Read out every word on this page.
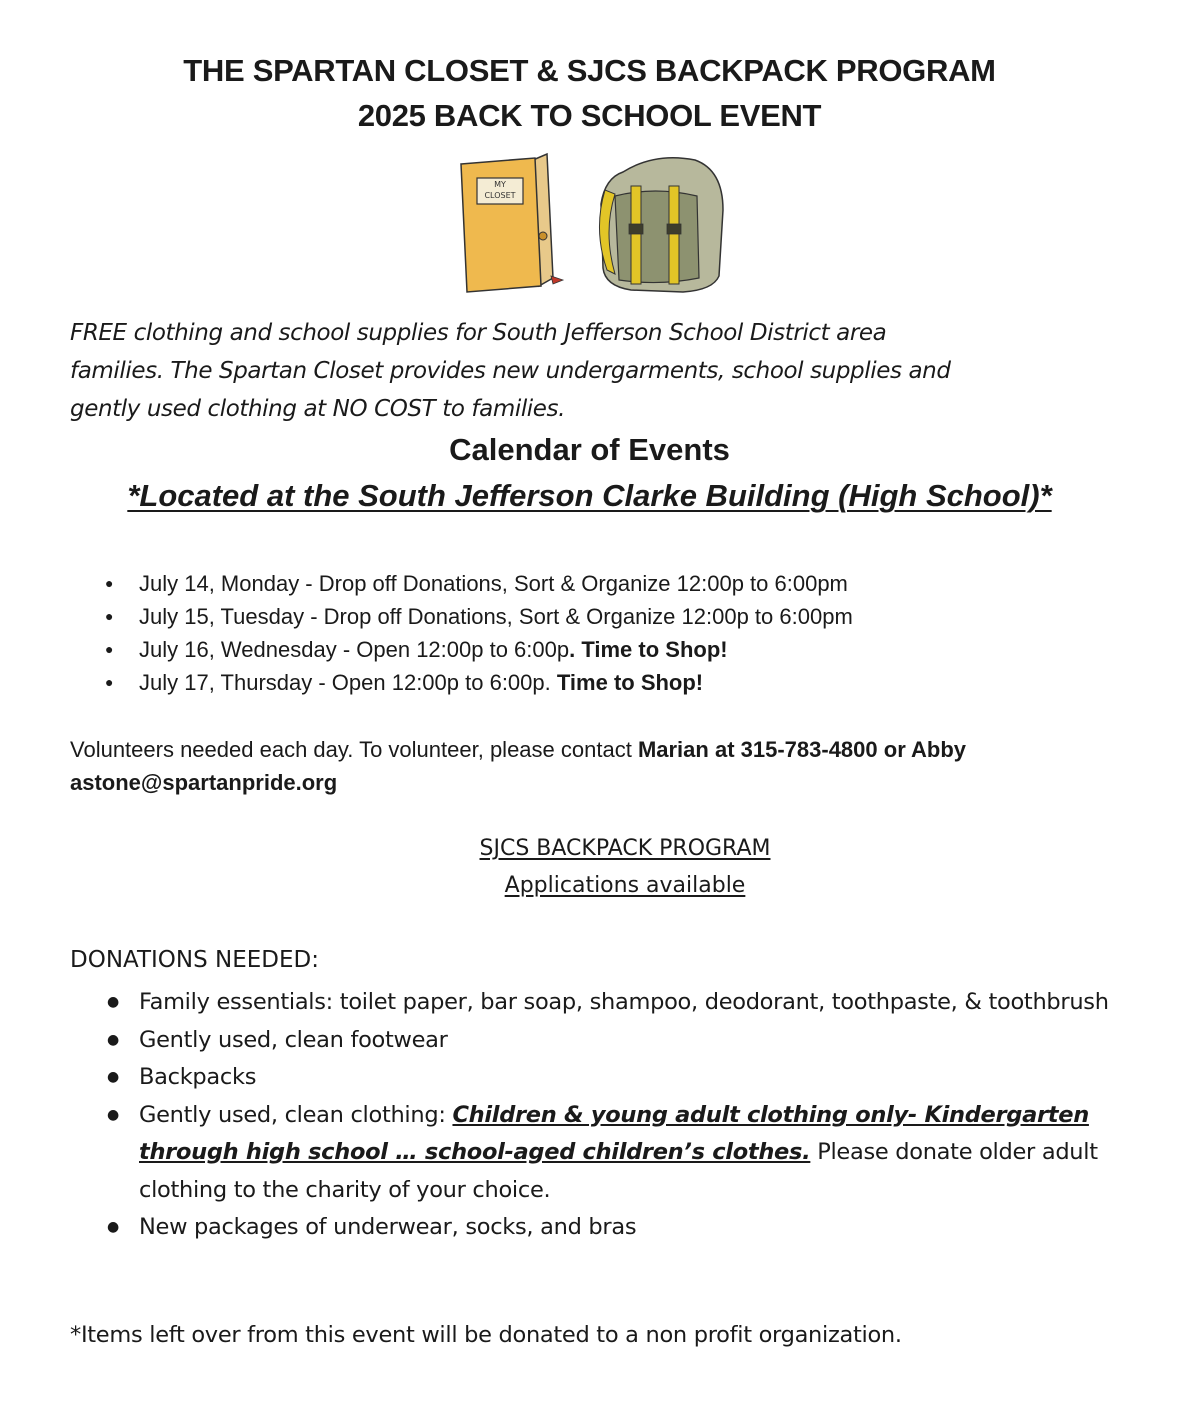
THE SPARTAN CLOSET & SJCS BACKPACK PROGRAM
2025 BACK TO SCHOOL EVENT
MY
CLOSET

FREE clothing and school supplies for South Jefferson School District area

families. The Spartan Closet provides new undergarments, school supplies and

gently used clothing at NO COST to families.

Calendar of Events
*Located at the South Jefferson Clarke Building (High School)*
● July 14, Monday - Drop off Donations, Sort & Organize 12:00p to 6:00pm
● July 15, Tuesday - Drop off Donations, Sort & Organize 12:00p to 6:00pm
● July 16, Wednesday - Open 12:00p to 6:00p. Time to Shop!
● July 17, Thursday - Open 12:00p to 6:00p. Time to Shop!

Volunteers needed each day. To volunteer, please contact Marian at 315-783-4800 or Abby

astone@spartanpride.org

SJCS BACKPACK PROGRAM
Applications available
DONATIONS NEEDED:
● Family essentials: toilet paper, bar soap, shampoo, deodorant, toothpaste, & toothbrush
● Gently used, clean footwear
● Backpacks
● Gently used, clean clothing: Children & young adult clothing only- Kindergarten through high school … school-aged children’s clothes. Please donate older adult clothing to the charity of your choice.
● New packages of underwear, socks, and bras
*Items left over from this event will be donated to a non profit organization.
